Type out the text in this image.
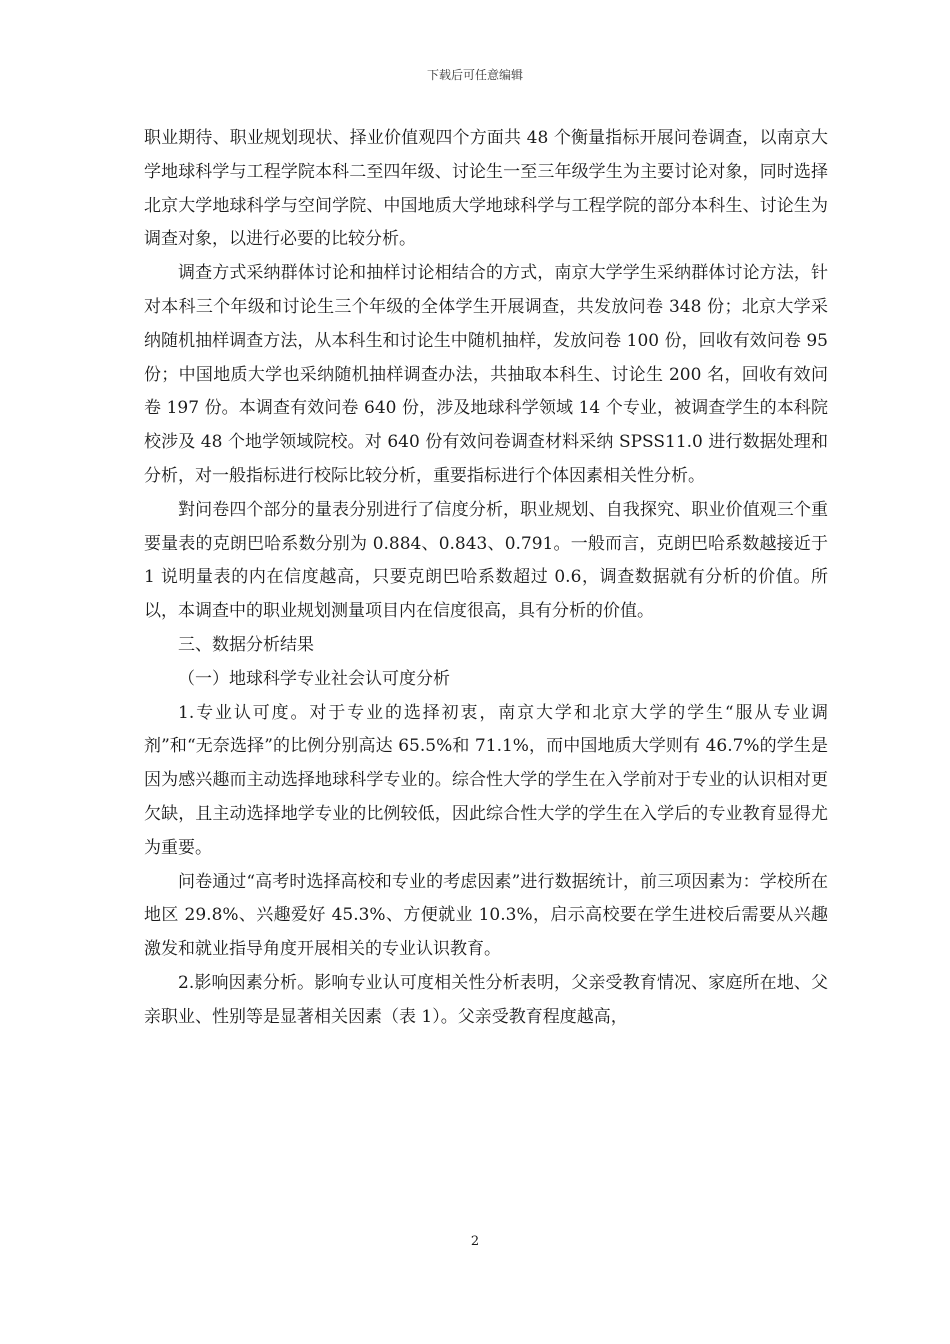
下载后可任意编辑

职业期待、职业规划现状、择业价值观四个方面共 48 个衡量指标开展问卷调查，以南京大学地球科学与工程学院本科二至四年级、讨论生一至三年级学生为主要讨论对象，同时选择北京大学地球科学与空间学院、中国地质大学地球科学与工程学院的部分本科生、讨论生为调查对象，以进行必要的比较分析。

调查方式采纳群体讨论和抽样讨论相结合的方式，南京大学学生采纳群体讨论方法，针对本科三个年级和讨论生三个年级的全体学生开展调查，共发放问卷 348 份；北京大学采纳随机抽样调查方法，从本科生和讨论生中随机抽样，发放问卷 100 份，回收有效问卷 95 份；中国地质大学也采纳随机抽样调查办法，共抽取本科生、讨论生 200 名，回收有效问卷 197 份。本调查有效问卷 640 份，涉及地球科学领域 14 个专业，被调查学生的本科院校涉及 48 个地学领域院校。对 640 份有效问卷调查材料采纳 SPSS11.0 进行数据处理和分析，对一般指标进行校际比较分析，重要指标进行个体因素相关性分析。

對问卷四个部分的量表分别进行了信度分析，职业规划、自我探究、职业价值观三个重要量表的克朗巴哈系数分别为 0.884、0.843、0.791。一般而言，克朗巴哈系数越接近于 1 说明量表的内在信度越高，只要克朗巴哈系数超过 0.6，调查数据就有分析的价值。所以，本调查中的职业规划测量项目内在信度很高，具有分析的价值。

三、数据分析结果

（一）地球科学专业社会认可度分析

1.专业认可度。对于专业的选择初衷，南京大学和北京大学的学生“服从专业调剂”和“无奈选择”的比例分别高达 65.5%和 71.1%，而中国地质大学则有 46.7%的学生是因为感兴趣而主动选择地球科学专业的。综合性大学的学生在入学前对于专业的认识相对更欠缺，且主动选择地学专业的比例较低，因此综合性大学的学生在入学后的专业教育显得尤为重要。

问卷通过“高考时选择高校和专业的考虑因素”进行数据统计，前三项因素为：学校所在地区 29.8%、兴趣爱好 45.3%、方便就业 10.3%，启示高校要在学生进校后需要从兴趣激发和就业指导角度开展相关的专业认识教育。

2.影响因素分析。影响专业认可度相关性分析表明，父亲受教育情况、家庭所在地、父亲职业、性别等是显著相关因素（表 1）。父亲受教育程度越高，

2
